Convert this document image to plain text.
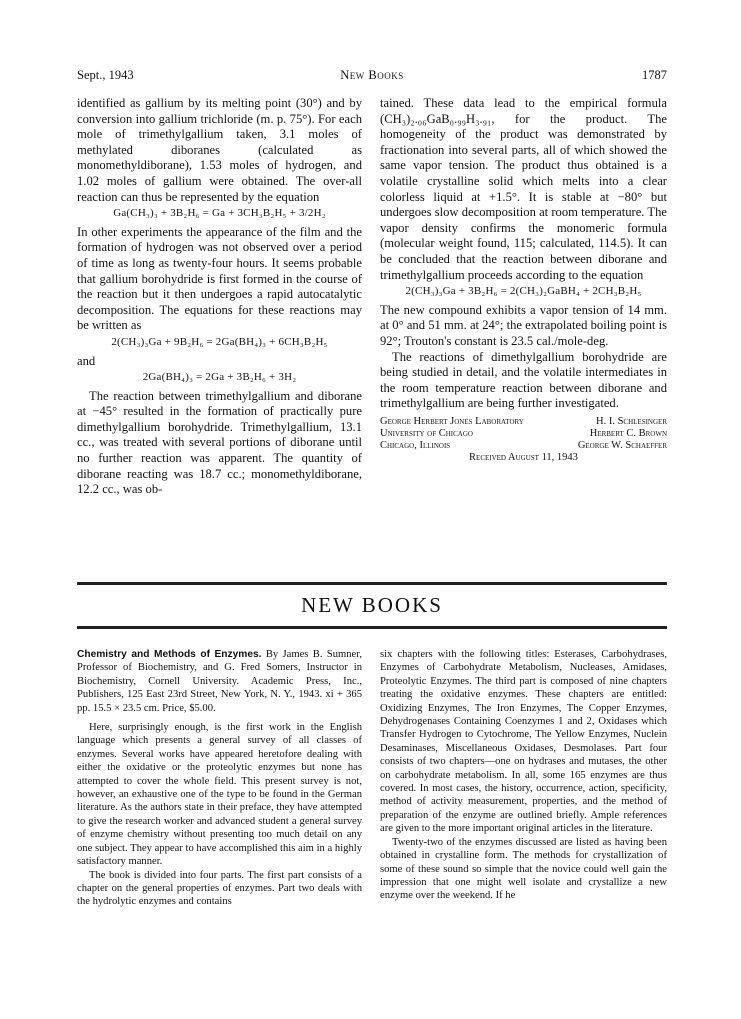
Sept., 1943	New Books	1787

identified as gallium by its melting point (30°) and by conversion into gallium trichloride (m. p. 75°). For each mole of trimethylgallium taken, 3.1 moles of methylated diboranes (calculated as monomethyldiborane), 1.53 moles of hydrogen, and 1.02 moles of gallium were obtained. The over-all reaction can thus be represented by the equation

Ga(CH₃)₃ + 3B₂H₆ = Ga + 3CH₃B₂H₅ + 3/2H₂

In other experiments the appearance of the film and the formation of hydrogen was not observed over a period of time as long as twenty-four hours. It seems probable that gallium borohydride is first formed in the course of the reaction but it then undergoes a rapid autocatalytic decomposition. The equations for these reactions may be written as

2(CH₃)₃Ga + 9B₂H₆ = 2Ga(BH₄)₃ + 6CH₃B₂H₅

and

2Ga(BH₄)₃ = 2Ga + 3B₂H₆ + 3H₂

The reaction between trimethylgallium and diborane at −45° resulted in the formation of practically pure dimethylgallium borohydride. Trimethylgallium, 13.1 cc., was treated with several portions of diborane until no further reaction was apparent. The quantity of diborane reacting was 18.7 cc.; monomethyldiborane, 12.2 cc., was ob-

tained. These data lead to the empirical formula (CH₃)₂.₀₆GaB₀.₉₉H₃.₉₁, for the product. The homogeneity of the product was demonstrated by fractionation into several parts, all of which showed the same vapor tension. The product thus obtained is a volatile crystalline solid which melts into a clear colorless liquid at +1.5°. It is stable at −80° but undergoes slow decomposition at room temperature. The vapor density confirms the monomeric formula (molecular weight found, 115; calculated, 114.5). It can be concluded that the reaction between diborane and trimethylgallium proceeds according to the equation

2(CH₃)₃Ga + 3B₂H₆ = 2(CH₃)₂GaBH₄ + 2CH₃B₂H₅

The new compound exhibits a vapor tension of 14 mm. at 0° and 51 mm. at 24°; the extrapolated boiling point is 92°; Trouton's constant is 23.5 cal./mole-deg.

The reactions of dimethylgallium borohydride are being studied in detail, and the volatile intermediates in the room temperature reaction between diborane and trimethylgallium are being further investigated.

George Herbert Jones Laboratory	H. I. Schlesinger
University of Chicago	Herbert C. Brown
Chicago, Illinois	George W. Schaeffer
Received August 11, 1943
NEW BOOKS

Chemistry and Methods of Enzymes. By James B. Sumner, Professor of Biochemistry, and G. Fred Somers, Instructor in Biochemistry, Cornell University. Academic Press, Inc., Publishers, 125 East 23rd Street, New York, N. Y., 1943. xi + 365 pp. 15.5 × 23.5 cm. Price, $5.00.

Here, surprisingly enough, is the first work in the English language which presents a general survey of all classes of enzymes. Several works have appeared heretofore dealing with either the oxidative or the proteolytic enzymes but none has attempted to cover the whole field. This present survey is not, however, an exhaustive one of the type to be found in the German literature. As the authors state in their preface, they have attempted to give the research worker and advanced student a general survey of enzyme chemistry without presenting too much detail on any one subject. They appear to have accomplished this aim in a highly satisfactory manner.

The book is divided into four parts. The first part consists of a chapter on the general properties of enzymes. Part two deals with the hydrolytic enzymes and contains

six chapters with the following titles: Esterases, Carbohydrases, Enzymes of Carbohydrate Metabolism, Nucleases, Amidases, Proteolytic Enzymes. The third part is composed of nine chapters treating the oxidative enzymes. These chapters are entitled: Oxidizing Enzymes, The Iron Enzymes, The Copper Enzymes, Dehydrogenases Containing Coenzymes 1 and 2, Oxidases which Transfer Hydrogen to Cytochrome, The Yellow Enzymes, Nuclein Desaminases, Miscellaneous Oxidases, Desmolases. Part four consists of two chapters—one on hydrases and mutases, the other on carbohydrate metabolism. In all, some 165 enzymes are thus covered. In most cases, the history, occurrence, action, specificity, method of activity measurement, properties, and the method of preparation of the enzyme are outlined briefly. Ample references are given to the more important original articles in the literature.

Twenty-two of the enzymes discussed are listed as having been obtained in crystalline form. The methods for crystallization of some of these sound so simple that the novice could well gain the impression that one might well isolate and crystallize a new enzyme over the weekend. If he
